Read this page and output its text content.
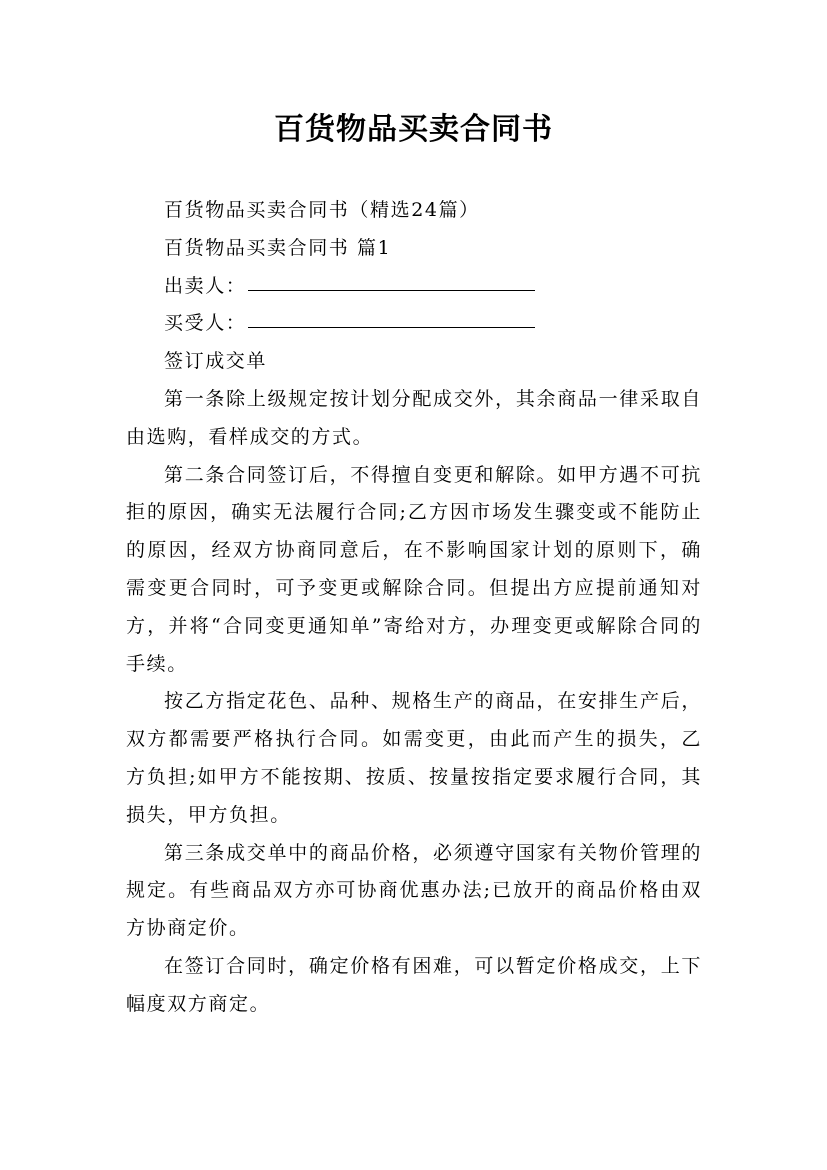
百货物品买卖合同书

百货物品买卖合同书（精选24篇）

百货物品买卖合同书 篇1

出卖人：

买受人：

签订成交单

第一条除上级规定按计划分配成交外，其余商品一律采取自由选购，看样成交的方式。

第二条合同签订后，不得擅自变更和解除。如甲方遇不可抗拒的原因，确实无法履行合同;乙方因市场发生骤变或不能防止的原因，经双方协商同意后，在不影响国家计划的原则下，确需变更合同时，可予变更或解除合同。但提出方应提前通知对方，并将“合同变更通知单”寄给对方，办理变更或解除合同的手续。

按乙方指定花色、品种、规格生产的商品，在安排生产后，双方都需要严格执行合同。如需变更，由此而产生的损失，乙方负担;如甲方不能按期、按质、按量按指定要求履行合同，其损失，甲方负担。

第三条成交单中的商品价格，必须遵守国家有关物价管理的规定。有些商品双方亦可协商优惠办法;已放开的商品价格由双方协商定价。

在签订合同时，确定价格有困难，可以暂定价格成交，上下幅度双方商定。
